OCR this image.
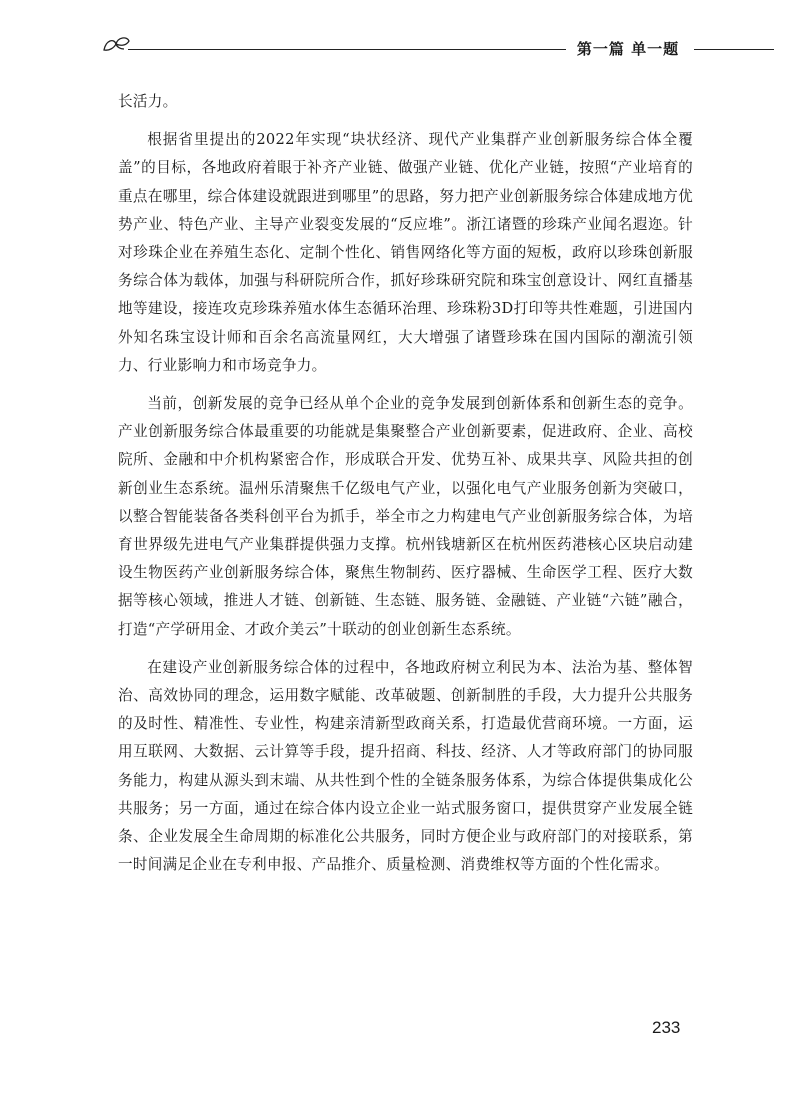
第一篇 单一题

长活力。

根据省里提出的2022年实现“块状经济、现代产业集群产业创新服务综合体全覆盖”的目标，各地政府着眼于补齐产业链、做强产业链、优化产业链，按照“产业培育的重点在哪里，综合体建设就跟进到哪里”的思路，努力把产业创新服务综合体建成地方优势产业、特色产业、主导产业裂变发展的“反应堆”。浙江诸暨的珍珠产业闻名遐迩。针对珍珠企业在养殖生态化、定制个性化、销售网络化等方面的短板，政府以珍珠创新服务综合体为载体，加强与科研院所合作，抓好珍珠研究院和珠宝创意设计、网红直播基地等建设，接连攻克珍珠养殖水体生态循环治理、珍珠粉3D打印等共性难题，引进国内外知名珠宝设计师和百余名高流量网红，大大增强了诸暨珍珠在国内国际的潮流引领力、行业影响力和市场竞争力。

当前，创新发展的竞争已经从单个企业的竞争发展到创新体系和创新生态的竞争。产业创新服务综合体最重要的功能就是集聚整合产业创新要素，促进政府、企业、高校院所、金融和中介机构紧密合作，形成联合开发、优势互补、成果共享、风险共担的创新创业生态系统。温州乐清聚焦千亿级电气产业，以强化电气产业服务创新为突破口，以整合智能装备各类科创平台为抓手，举全市之力构建电气产业创新服务综合体，为培育世界级先进电气产业集群提供强力支撑。杭州钱塘新区在杭州医药港核心区块启动建设生物医药产业创新服务综合体，聚焦生物制药、医疗器械、生命医学工程、医疗大数据等核心领域，推进人才链、创新链、生态链、服务链、金融链、产业链“六链”融合，打造“产学研用金、才政介美云”十联动的创业创新生态系统。

在建设产业创新服务综合体的过程中，各地政府树立利民为本、法治为基、整体智治、高效协同的理念，运用数字赋能、改革破题、创新制胜的手段，大力提升公共服务的及时性、精准性、专业性，构建亲清新型政商关系，打造最优营商环境。一方面，运用互联网、大数据、云计算等手段，提升招商、科技、经济、人才等政府部门的协同服务能力，构建从源头到末端、从共性到个性的全链条服务体系，为综合体提供集成化公共服务；另一方面，通过在综合体内设立企业一站式服务窗口，提供贯穿产业发展全链条、企业发展全生命周期的标准化公共服务，同时方便企业与政府部门的对接联系，第一时间满足企业在专利申报、产品推介、质量检测、消费维权等方面的个性化需求。

233
